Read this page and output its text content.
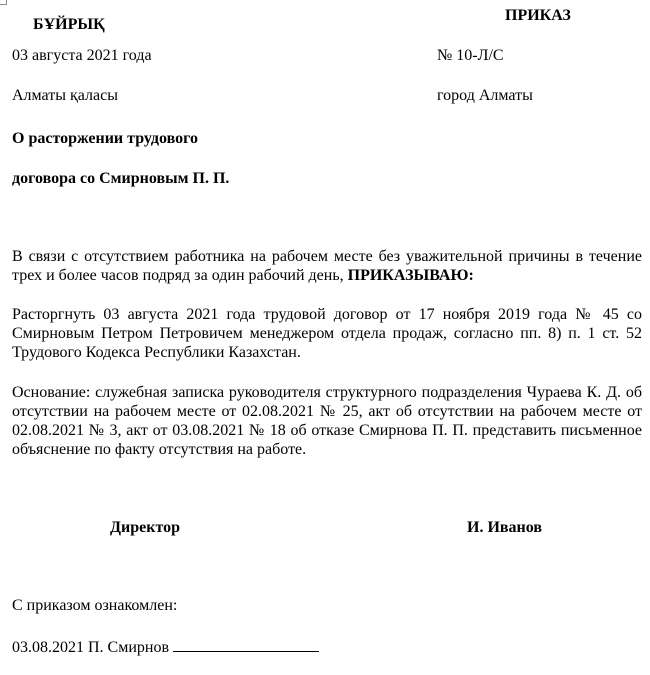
БҰЙРЫҚ
ПРИКАЗ
03 августа 2021 года	№ 10-Л/С
Алматы қаласы	город Алматы
О расторжении трудового
договора со Смирновым П. П.
В связи с отсутствием работника на рабочем месте без уважительной причины в течение трех и более часов подряд за один рабочий день, ПРИКАЗЫВАЮ:
Расторгнуть 03 августа 2021 года трудовой договор от 17 ноября 2019 года № 45 со Смирновым Петром Петровичем менеджером отдела продаж, согласно пп. 8) п. 1 ст. 52 Трудового Кодекса Республики Казахстан.
Основание: служебная записка руководителя структурного подразделения Чураева К. Д. об отсутствии на рабочем месте от 02.08.2021 № 25, акт об отсутствии на рабочем месте от 02.08.2021 № 3, акт от 03.08.2021 № 18 об отказе Смирнова П. П. представить письменное объяснение по факту отсутствия на работе.
Директор	И. Иванов
С приказом ознакомлен:
03.08.2021 П. Смирнов
